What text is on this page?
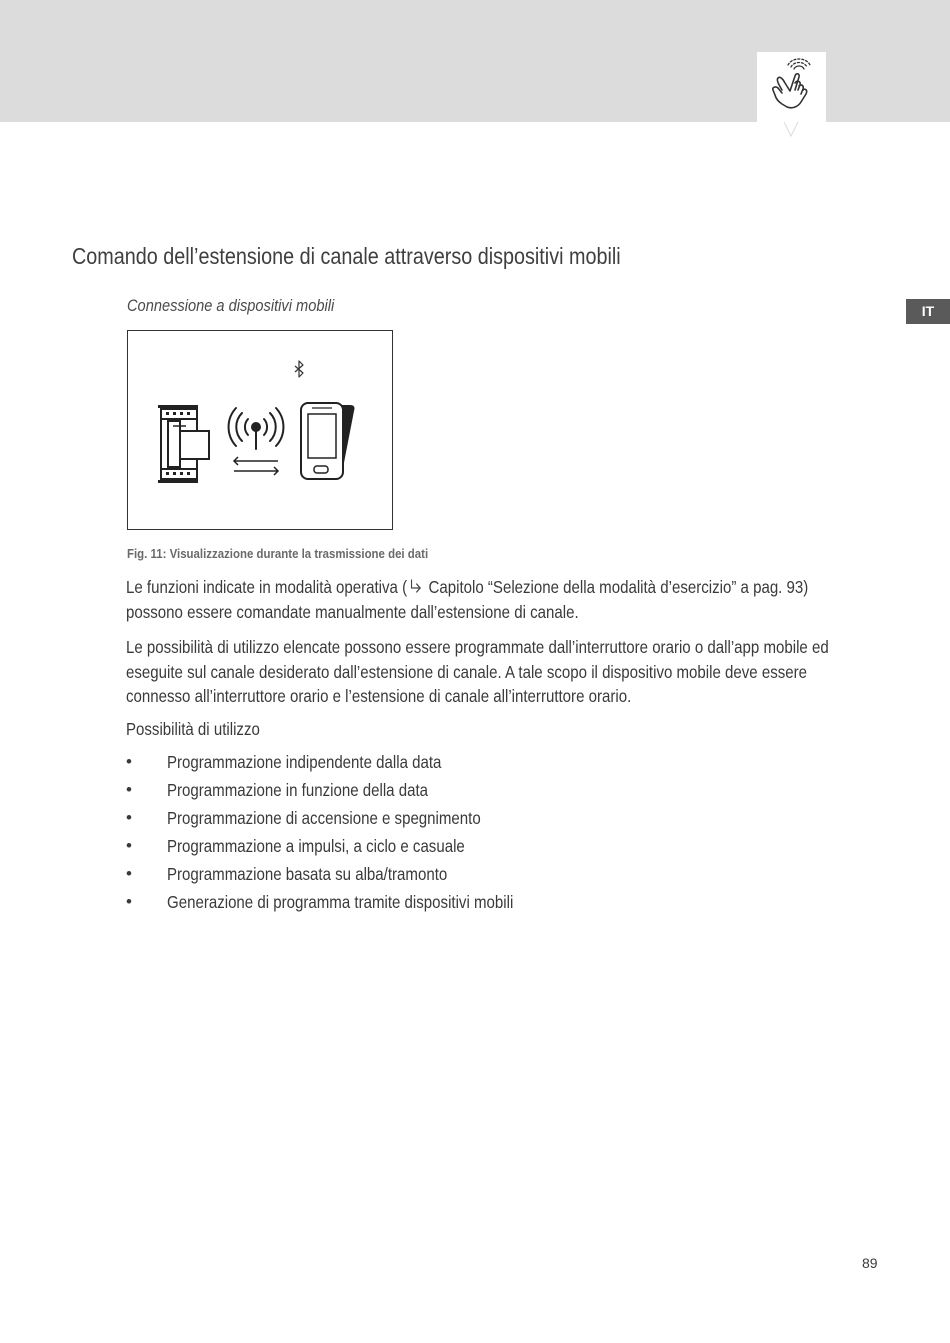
IT
Comando dell’estensione di canale attraverso dispositivi mobili
Connessione a dispositivi mobili
Fig. 11: Visualizzazione durante la trasmissione dei dati

Le funzioni indicate in modalità operativa ( Capitolo “Selezione della modalità d’esercizio” a pag. 93)
possono essere comandate manualmente dall’estensione di canale.

Le possibilità di utilizzo elencate possono essere programmate dall’interruttore orario o dall’app mobile ed
eseguite sul canale desiderato dall’estensione di canale. A tale scopo il dispositivo mobile deve essere
connesso all’interruttore orario e l’estensione di canale all’interruttore orario.

Possibilità di utilizzo

• Programmazione indipendente dalla data
• Programmazione in funzione della data
• Programmazione di accensione e spegnimento
• Programmazione a impulsi, a ciclo e casuale
• Programmazione basata su alba/tramonto
• Generazione di programma tramite dispositivi mobili
89
